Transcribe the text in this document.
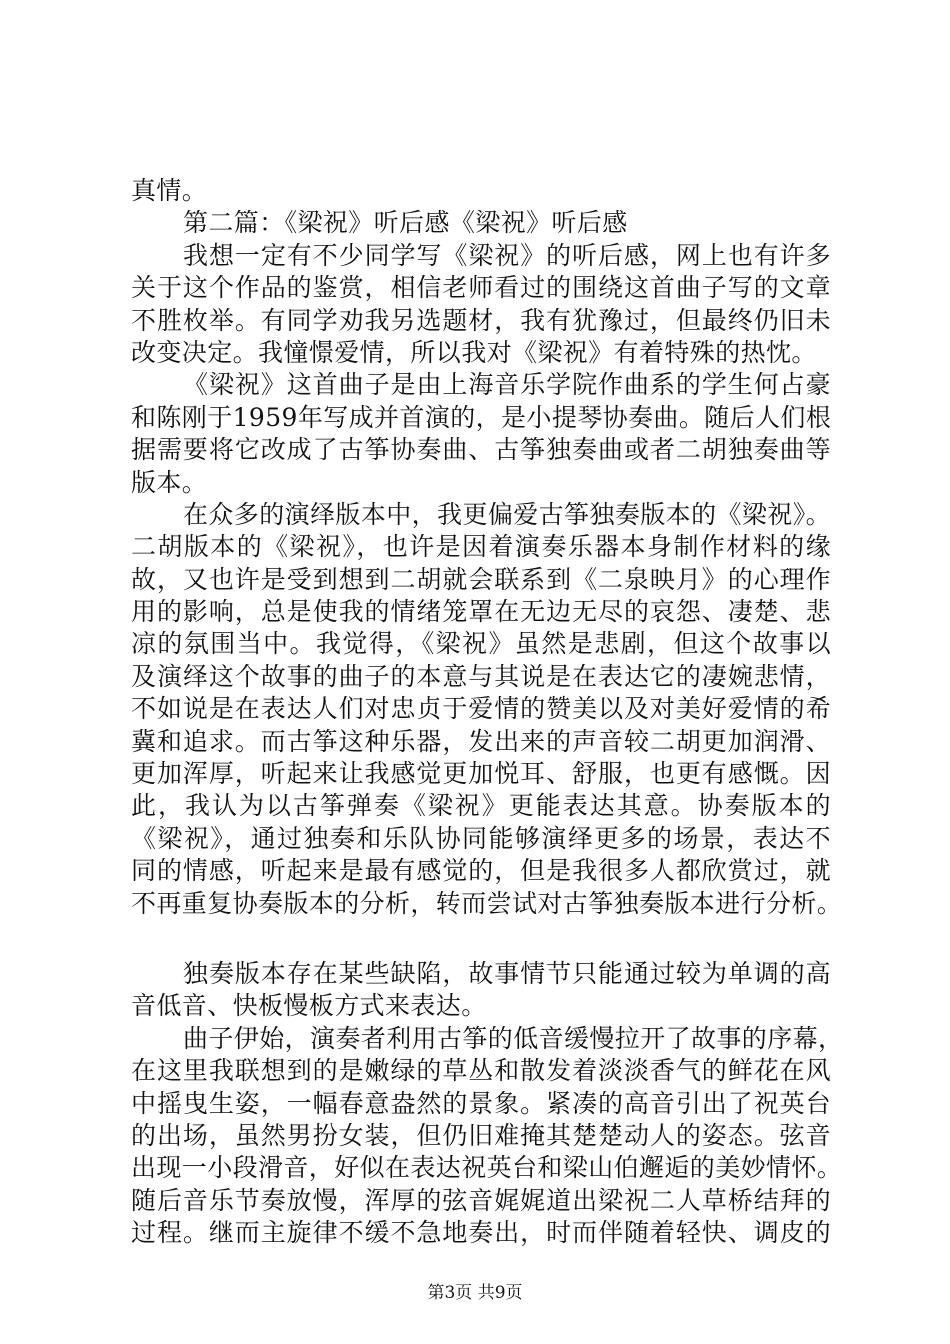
真情。
第二篇：《梁祝》听后感《梁祝》听后感
我想一定有不少同学写《梁祝》的听后感，网上也有许多
关于这个作品的鉴赏，相信老师看过的围绕这首曲子写的文章
不胜枚举。有同学劝我另选题材，我有犹豫过，但最终仍旧未
改变决定。我憧憬爱情，所以我对《梁祝》有着特殊的热忱。
《梁祝》这首曲子是由上海音乐学院作曲系的学生何占豪
和陈刚于1959年写成并首演的，是小提琴协奏曲。随后人们根
据需要将它改成了古筝协奏曲、古筝独奏曲或者二胡独奏曲等
版本。
在众多的演绎版本中，我更偏爱古筝独奏版本的《梁祝》。
二胡版本的《梁祝》，也许是因着演奏乐器本身制作材料的缘
故，又也许是受到想到二胡就会联系到《二泉映月》的心理作
用的影响，总是使我的情绪笼罩在无边无尽的哀怨、凄楚、悲
凉的氛围当中。我觉得，《梁祝》虽然是悲剧，但这个故事以
及演绎这个故事的曲子的本意与其说是在表达它的凄婉悲情，
不如说是在表达人们对忠贞于爱情的赞美以及对美好爱情的希
冀和追求。而古筝这种乐器，发出来的声音较二胡更加润滑、
更加浑厚，听起来让我感觉更加悦耳、舒服，也更有感慨。因
此，我认为以古筝弹奏《梁祝》更能表达其意。协奏版本的
《梁祝》，通过独奏和乐队协同能够演绎更多的场景，表达不
同的情感，听起来是最有感觉的，但是我很多人都欣赏过，就
不再重复协奏版本的分析，转而尝试对古筝独奏版本进行分析。
独奏版本存在某些缺陷，故事情节只能通过较为单调的高
音低音、快板慢板方式来表达。
曲子伊始，演奏者利用古筝的低音缓慢拉开了故事的序幕，
在这里我联想到的是嫩绿的草丛和散发着淡淡香气的鲜花在风
中摇曳生姿，一幅春意盎然的景象。紧凑的高音引出了祝英台
的出场，虽然男扮女装，但仍旧难掩其楚楚动人的姿态。弦音
出现一小段滑音，好似在表达祝英台和梁山伯邂逅的美妙情怀。
随后音乐节奏放慢，浑厚的弦音娓娓道出梁祝二人草桥结拜的
过程。继而主旋律不缓不急地奏出，时而伴随着轻快、调皮的
第3页 共9页
